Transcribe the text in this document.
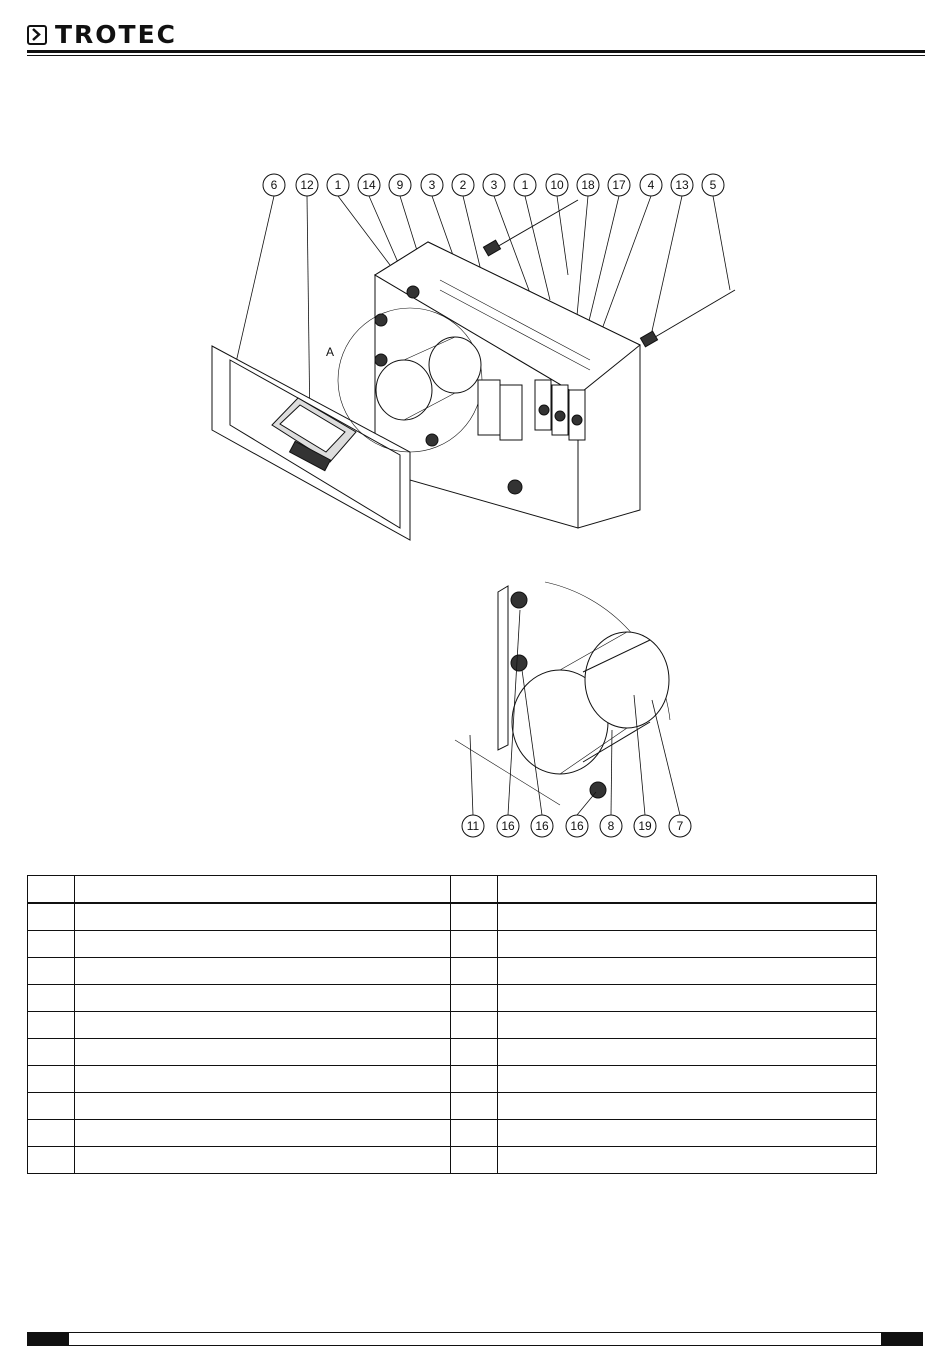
TROTEC
A
6 12 1 14 9 3 2 3 1 10 18 17 4 13 5
11 16 16 16 8 19 7
